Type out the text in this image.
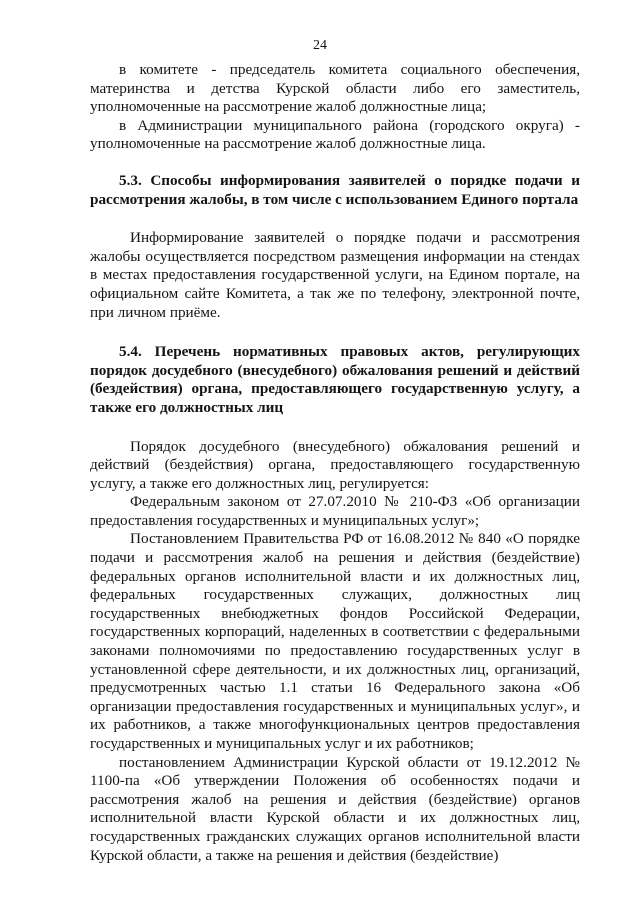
24

в комитете - председатель комитета социального обеспечения, материнства и детства Курской области либо его заместитель, уполномоченные на рассмотрение жалоб должностные лица;

в Администрации муниципального района (городского округа) - уполномоченные на рассмотрение жалоб должностные лица.

5.3. Способы информирования заявителей о порядке подачи и рассмотрения жалобы, в том числе с использованием Единого портала

Информирование заявителей о порядке подачи и рассмотрения жалобы осуществляется посредством размещения информации на стендах в местах предоставления государственной услуги, на Едином портале, на официальном сайте Комитета, а так же по телефону, электронной почте, при личном приёме.

5.4. Перечень нормативных правовых актов, регулирующих порядок досудебного (внесудебного) обжалования решений и действий (бездействия) органа, предоставляющего государственную услугу, а также его должностных лиц

Порядок досудебного (внесудебного) обжалования решений и действий (бездействия) органа, предоставляющего государственную услугу, а также его должностных лиц, регулируется:

Федеральным законом от 27.07.2010 № 210-ФЗ «Об организации предоставления государственных и муниципальных услуг»;

Постановлением Правительства РФ от 16.08.2012 № 840 «О порядке подачи и рассмотрения жалоб на решения и действия (бездействие) федеральных органов исполнительной власти и их должностных лиц, федеральных государственных служащих, должностных лиц государственных внебюджетных фондов Российской Федерации, государственных корпораций, наделенных в соответствии с федеральными законами полномочиями по предоставлению государственных услуг в установленной сфере деятельности, и их должностных лиц, организаций, предусмотренных частью 1.1 статьи 16 Федерального закона «Об организации предоставления государственных и муниципальных услуг», и их работников, а также многофункциональных центров предоставления государственных и муниципальных услуг и их работников;

постановлением Администрации Курской области от 19.12.2012 № 1100-па «Об утверждении Положения об особенностях подачи и рассмотрения жалоб на решения и действия (бездействие) органов исполнительной власти Курской области и их должностных лиц, государственных гражданских служащих органов исполнительной власти Курской области, а также на решения и действия (бездействие)
